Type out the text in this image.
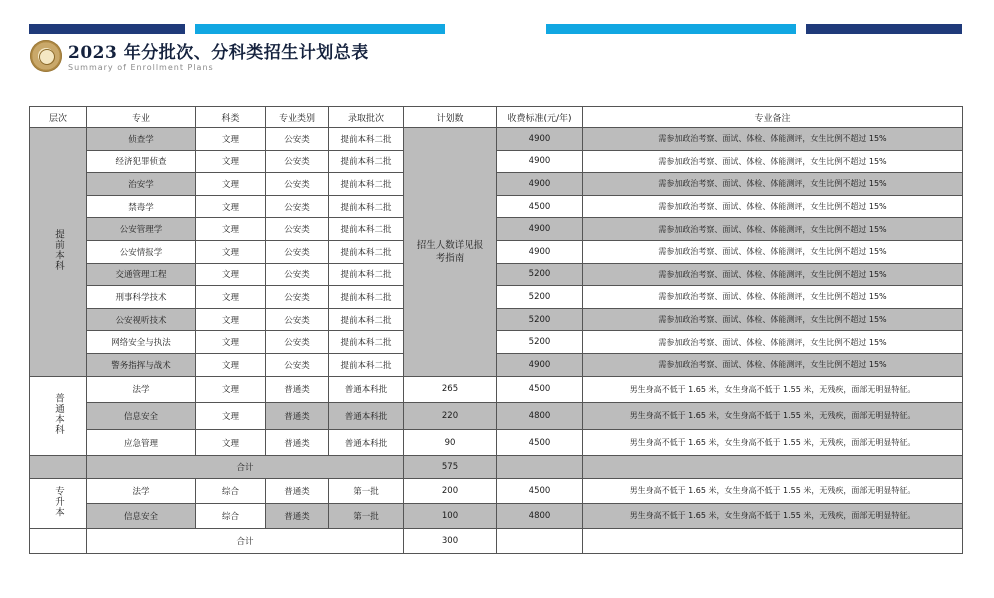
2023 年分批次、分科类招生计划总表
Summary of Enrollment Plans
层次	专业	科类	专业类别	录取批次	计划数	收费标准(元/年)	专业备注
提前本科	侦查学	文理	公安类	提前本科二批	招生人数详见报考指南	4900	需参加政治考察、面试、体检、体能测评，女生比例不超过 15%
	经济犯罪侦查	文理	公安类	提前本科二批		4900	需参加政治考察、面试、体检、体能测评，女生比例不超过 15%
	治安学	文理	公安类	提前本科二批		4900	需参加政治考察、面试、体检、体能测评，女生比例不超过 15%
	禁毒学	文理	公安类	提前本科二批		4500	需参加政治考察、面试、体检、体能测评，女生比例不超过 15%
	公安管理学	文理	公安类	提前本科二批		4900	需参加政治考察、面试、体检、体能测评，女生比例不超过 15%
	公安情报学	文理	公安类	提前本科二批		4900	需参加政治考察、面试、体检、体能测评，女生比例不超过 15%
	交通管理工程	文理	公安类	提前本科二批		5200	需参加政治考察、面试、体检、体能测评，女生比例不超过 15%
	刑事科学技术	文理	公安类	提前本科二批		5200	需参加政治考察、面试、体检、体能测评，女生比例不超过 15%
	公安视听技术	文理	公安类	提前本科二批		5200	需参加政治考察、面试、体检、体能测评，女生比例不超过 15%
	网络安全与执法	文理	公安类	提前本科二批		5200	需参加政治考察、面试、体检、体能测评，女生比例不超过 15%
	警务指挥与战术	文理	公安类	提前本科二批		4900	需参加政治考察、面试、体检、体能测评，女生比例不超过 15%
普通本科	法学	文理	普通类	普通本科批	265	4500	男生身高不低于 1.65 米，女生身高不低于 1.55 米，无残疾，面部无明显特征。
	信息安全	文理	普通类	普通本科批	220	4800	男生身高不低于 1.65 米，女生身高不低于 1.55 米，无残疾，面部无明显特征。
	应急管理	文理	普通类	普通本科批	90	4500	男生身高不低于 1.65 米，女生身高不低于 1.55 米，无残疾，面部无明显特征。
	合计				575		
专升本	法学	综合	普通类	第一批	200	4500	男生身高不低于 1.65 米，女生身高不低于 1.55 米，无残疾，面部无明显特征。
	信息安全	综合	普通类	第一批	100	4800	男生身高不低于 1.65 米，女生身高不低于 1.55 米，无残疾，面部无明显特征。
	合计				300		
